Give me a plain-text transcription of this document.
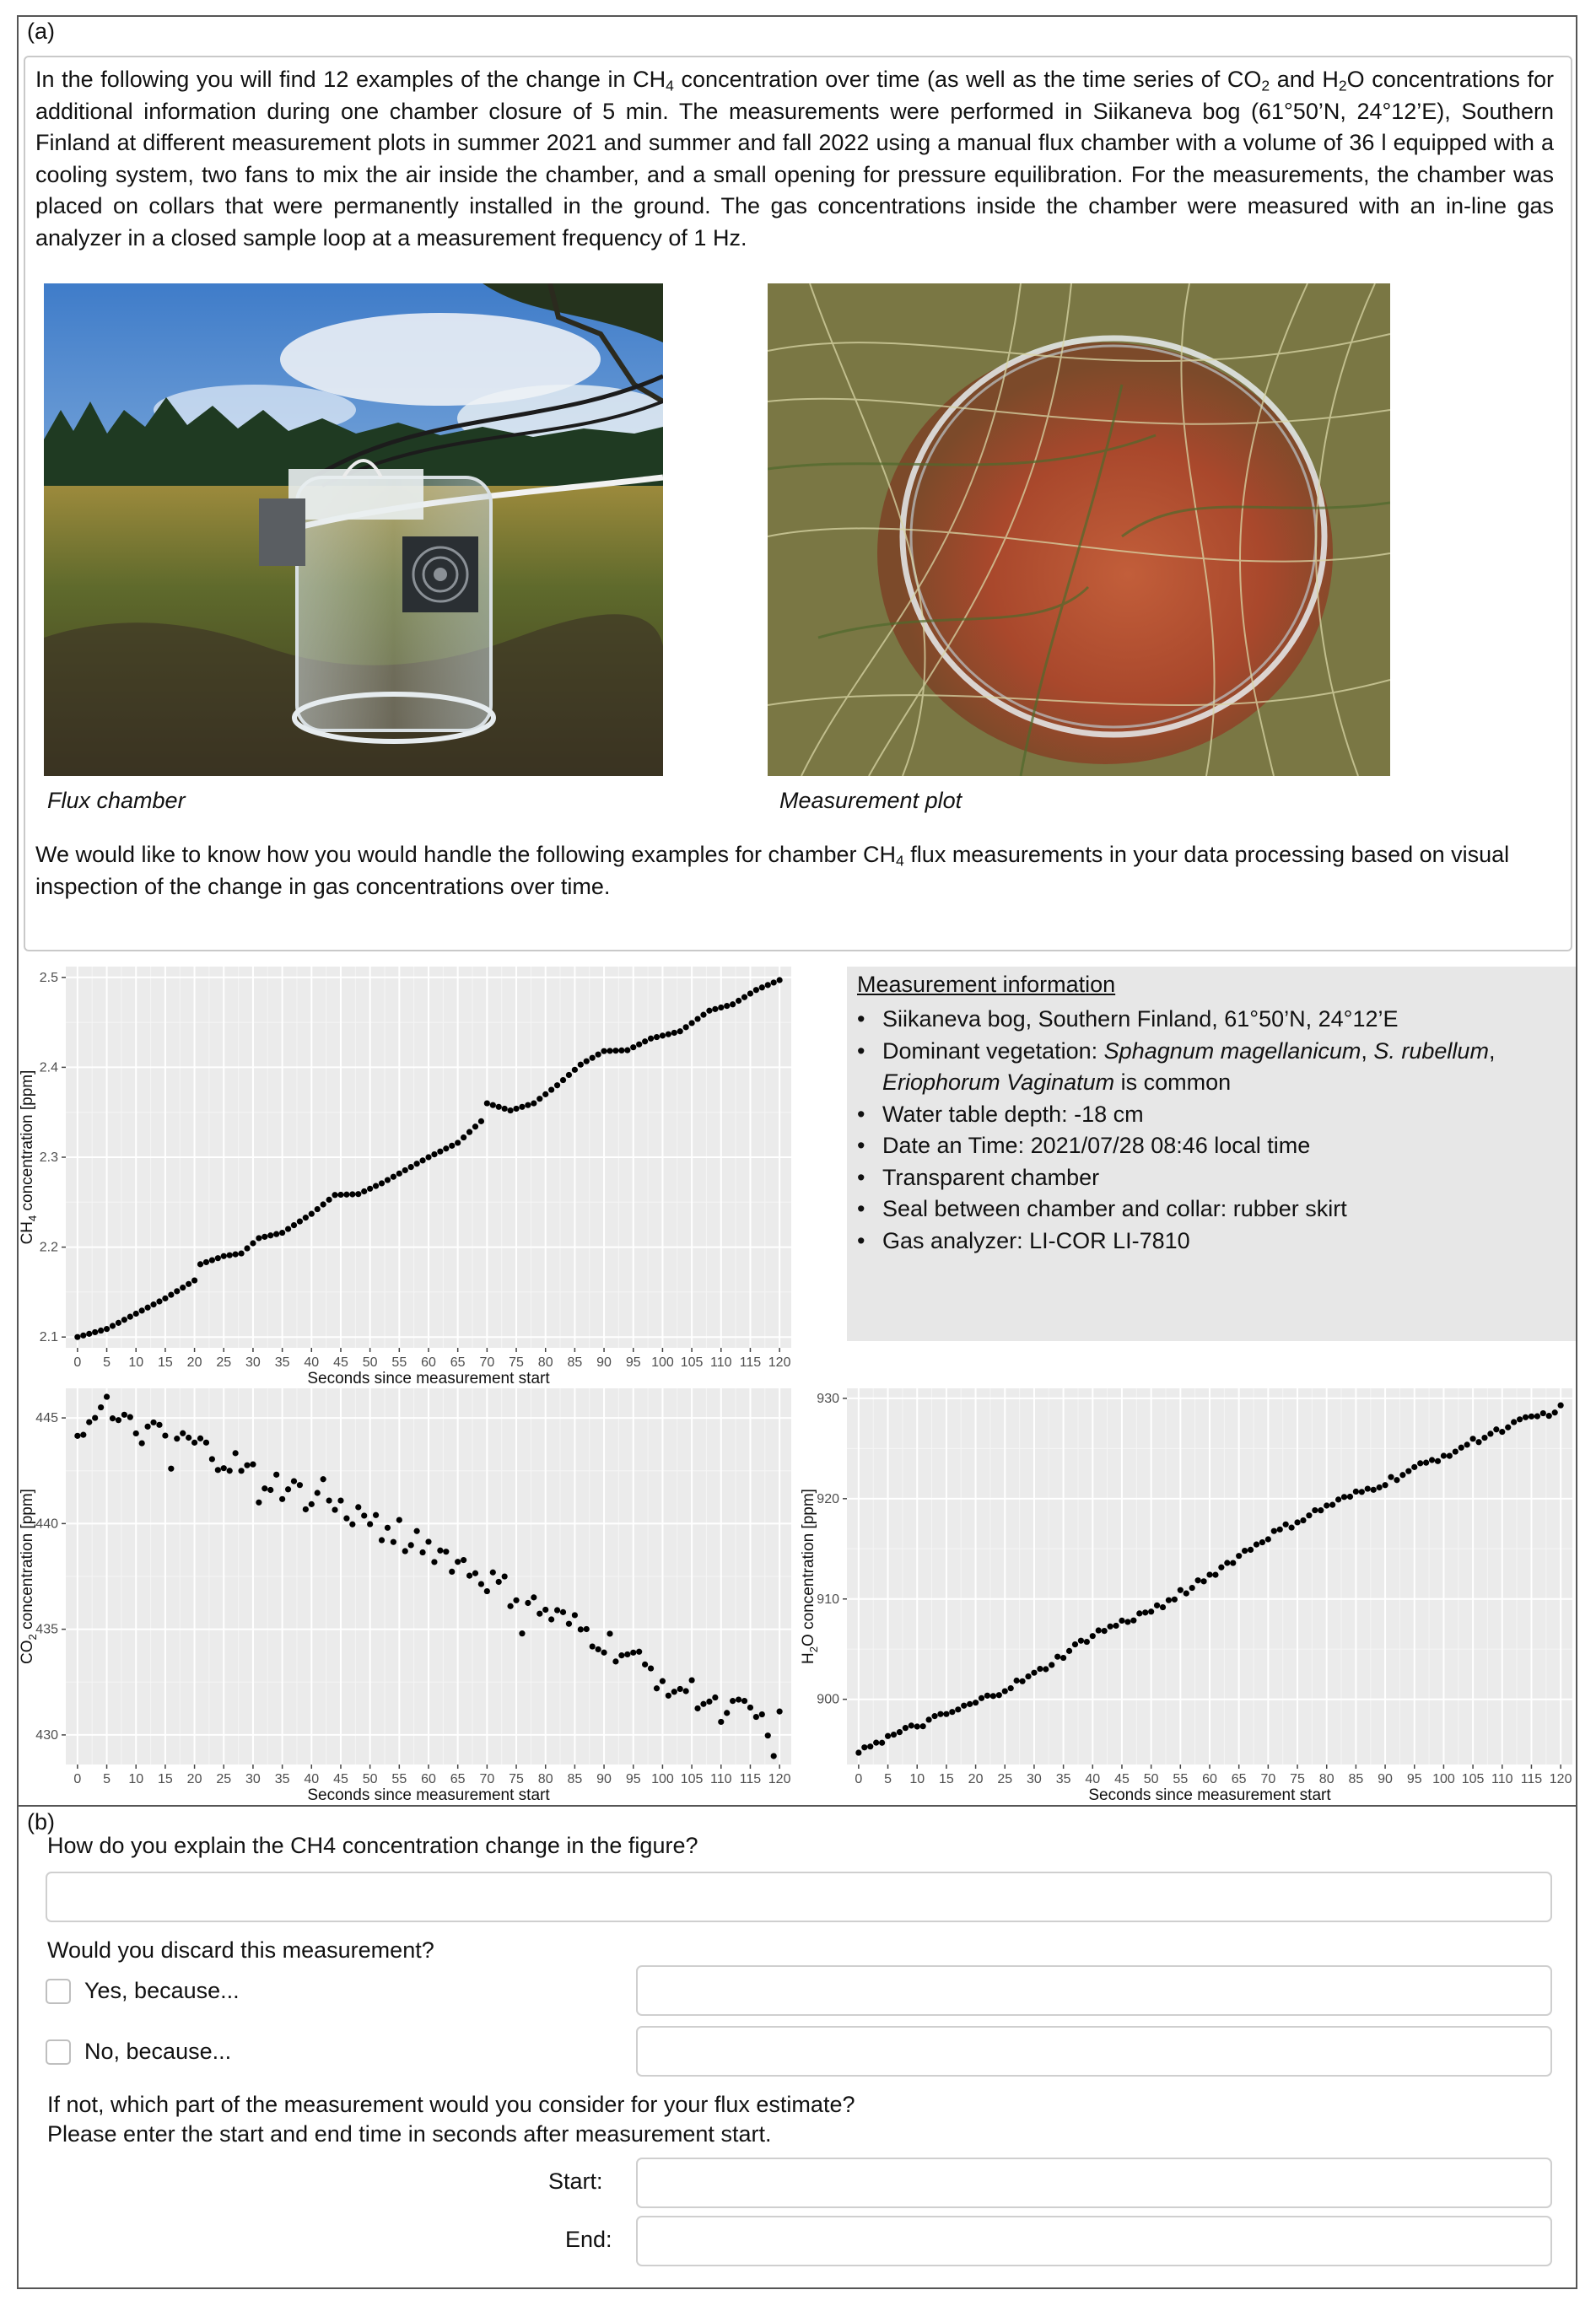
(a)
In the following you will find 12 examples of the change in $CH_4$ concentration over time (as well as the time series of $CO_2$ and $H_2O$ concentrations for additional information during one chamber closure of 5 min. The measurements were performed in Siikaneva bog (61°50’N, 24°12’E), Southern Finland at different measurement plots in summer 2021 and summer and fall 2022 using a manual flux chamber with a volume of 36 l equipped with a cooling system, two fans to mix the air inside the chamber, and a small opening for pressure equilibration. For the measurements, the chamber was placed on collars that were permanently installed in the ground. The gas concentrations inside the chamber were measured with an in-line gas analyzer in a closed sample loop at a measurement frequency of 1 Hz.
Flux chamber	Measurement plot
We would like to know how you would handle the following examples for chamber $CH_4$ flux measurements in your data processing based on visual inspection of the change in gas concentrations over time.
0 5 10 15 20 25 30 35 40 45 50 55 60 65 70 75 80 85 90 95 100 105 110 115 120
2.1
2.2
2.3
2.4
2.5
Seconds since measurement start
$CH_4$ concentration [ppm]
Measurement information
• Siikaneva bog, Southern Finland, 61°50’N, 24°12’E
• Dominant vegetation: Sphagnum magellanicum, S. rubellum,
Eriophorum Vaginatum is common
• Water table depth: -18 cm
• Date an Time: 2021/07/28 08:46 local time
• Transparent chamber
• Seal between chamber and collar: rubber skirt
• Gas analyzer: LI-COR LI-7810
0 5 10 15 20 25 30 35 40 45 50 55 60 65 70 75 80 85 90 95 100 105 110 115 120
430
435
440
445
Seconds since measurement start
$CO_2$ concentration [ppm]
0 5 10 15 20 25 30 35 40 45 50 55 60 65 70 75 80 85 90 95 100 105 110 115 120
900
910
920
930
Seconds since measurement start
$H_2O$ concentration [ppm]
(b)
How do you explain the CH4 concentration change in the figure?
Would you discard this measurement?
Yes, because...
No, because...
If not, which part of the measurement would you consider for your flux estimate?
Please enter the start and end time in seconds after measurement start.
Start:
End:
